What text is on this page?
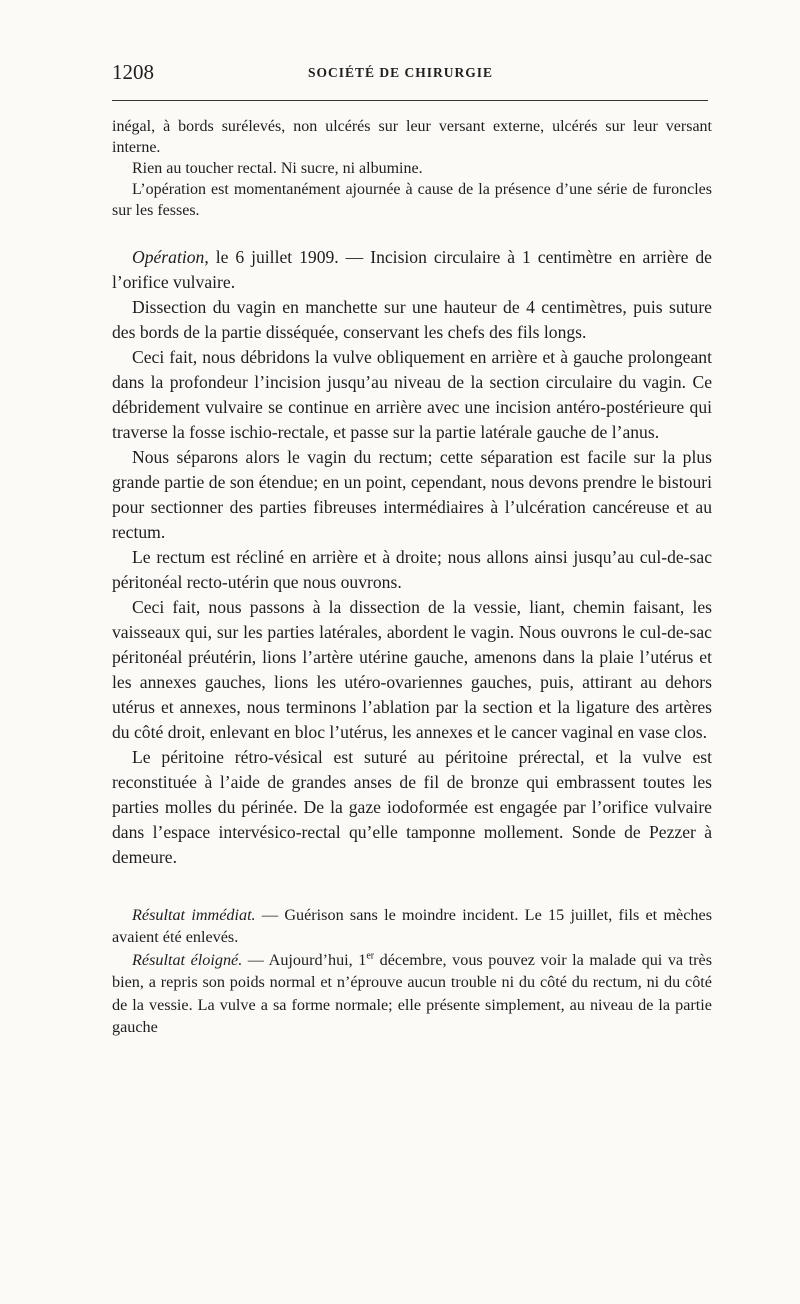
1208	SOCIÉTÉ DE CHIRURGIE

inégal, à bords surélevés, non ulcérés sur leur versant externe, ulcérés sur leur versant interne.

Rien au toucher rectal. Ni sucre, ni albumine.

L’opération est momentanément ajournée à cause de la présence d’une série de furoncles sur les fesses.

Opération, le 6 juillet 1909. — Incision circulaire à 1 centimètre en arrière de l’orifice vulvaire.

Dissection du vagin en manchette sur une hauteur de 4 centimètres, puis suture des bords de la partie disséquée, conservant les chefs des fils longs.

Ceci fait, nous débridons la vulve obliquement en arrière et à gauche prolongeant dans la profondeur l’incision jusqu’au niveau de la section circulaire du vagin. Ce débridement vulvaire se continue en arrière avec une incision antéro-postérieure qui traverse la fosse ischio-rectale, et passe sur la partie latérale gauche de l’anus.

Nous séparons alors le vagin du rectum; cette séparation est facile sur la plus grande partie de son étendue; en un point, cependant, nous devons prendre le bistouri pour sectionner des parties fibreuses intermédiaires à l’ulcération cancéreuse et au rectum.

Le rectum est récliné en arrière et à droite; nous allons ainsi jusqu’au cul-de-sac péritonéal recto-utérin que nous ouvrons.

Ceci fait, nous passons à la dissection de la vessie, liant, chemin faisant, les vaisseaux qui, sur les parties latérales, abordent le vagin. Nous ouvrons le cul-de-sac péritonéal préutérin, lions l’artère utérine gauche, amenons dans la plaie l’utérus et les annexes gauches, lions les utéro-ovariennes gauches, puis, attirant au dehors utérus et annexes, nous terminons l’ablation par la section et la ligature des artères du côté droit, enlevant en bloc l’utérus, les annexes et le cancer vaginal en vase clos.

Le péritoine rétro-vésical est suturé au péritoine prérectal, et la vulve est reconstituée à l’aide de grandes anses de fil de bronze qui embrassent toutes les parties molles du périnée. De la gaze iodoformée est engagée par l’orifice vulvaire dans l’espace intervésico-rectal qu’elle tamponne mollement. Sonde de Pezzer à demeure.

Résultat immédiat. — Guérison sans le moindre incident. Le 15 juillet, fils et mèches avaient été enlevés.

Résultat éloigné. — Aujourd’hui, 1er décembre, vous pouvez voir la malade qui va très bien, a repris son poids normal et n’éprouve aucun trouble ni du côté du rectum, ni du côté de la vessie. La vulve a sa forme normale; elle présente simplement, au niveau de la partie gauche
